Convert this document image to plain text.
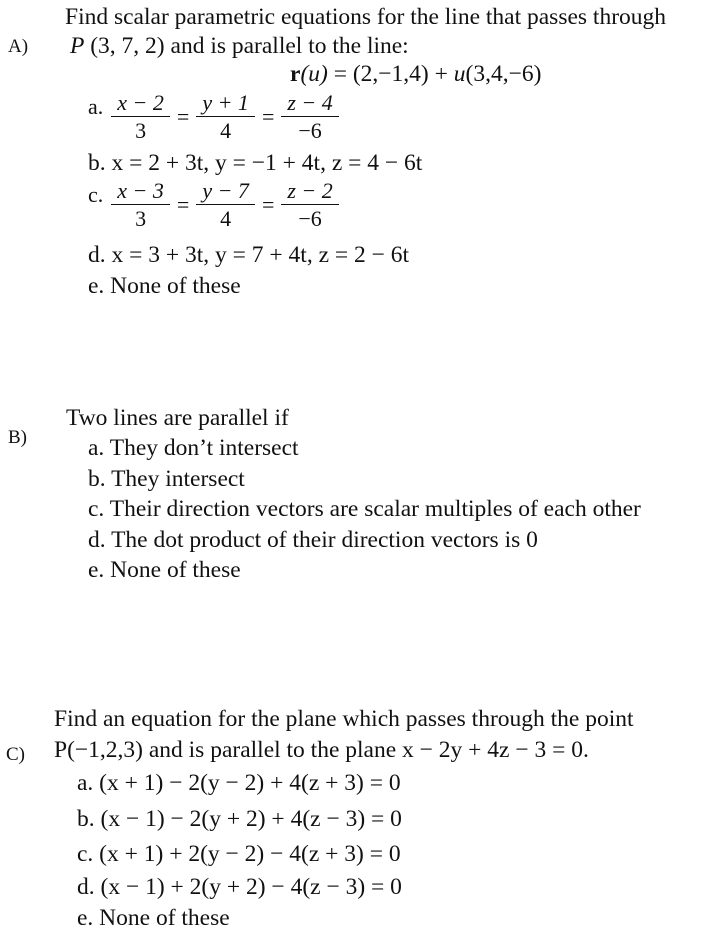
A)
Find scalar parametric equations for the line that passes through
P (3, 7, 2) and is parallel to the line:
r(u) = (2,−1,4) + u(3,4,−6)
a. $\frac{x - 2}{3} = \frac{y + 1}{4} = \frac{z - 4}{-6}$
b. x = 2 + 3t, y = −1 + 4t, z = 4 − 6t
c. $\frac{x - 3}{3} = \frac{y - 7}{4} = \frac{z - 2}{-6}$
d. x = 3 + 3t, y = 7 + 4t, z = 2 − 6t
e. None of these
B)
Two lines are parallel if
a. They don’t intersect
b. They intersect
c. Their direction vectors are scalar multiples of each other
d. The dot product of their direction vectors is 0
e. None of these
C)
Find an equation for the plane which passes through the point
P(−1,2,3) and is parallel to the plane x − 2y + 4z − 3 = 0.
a. (x + 1) − 2(y − 2) + 4(z + 3) = 0
b. (x − 1) − 2(y + 2) + 4(z − 3) = 0
c. (x + 1) + 2(y − 2) − 4(z + 3) = 0
d. (x − 1) + 2(y + 2) − 4(z − 3) = 0
e. None of these
